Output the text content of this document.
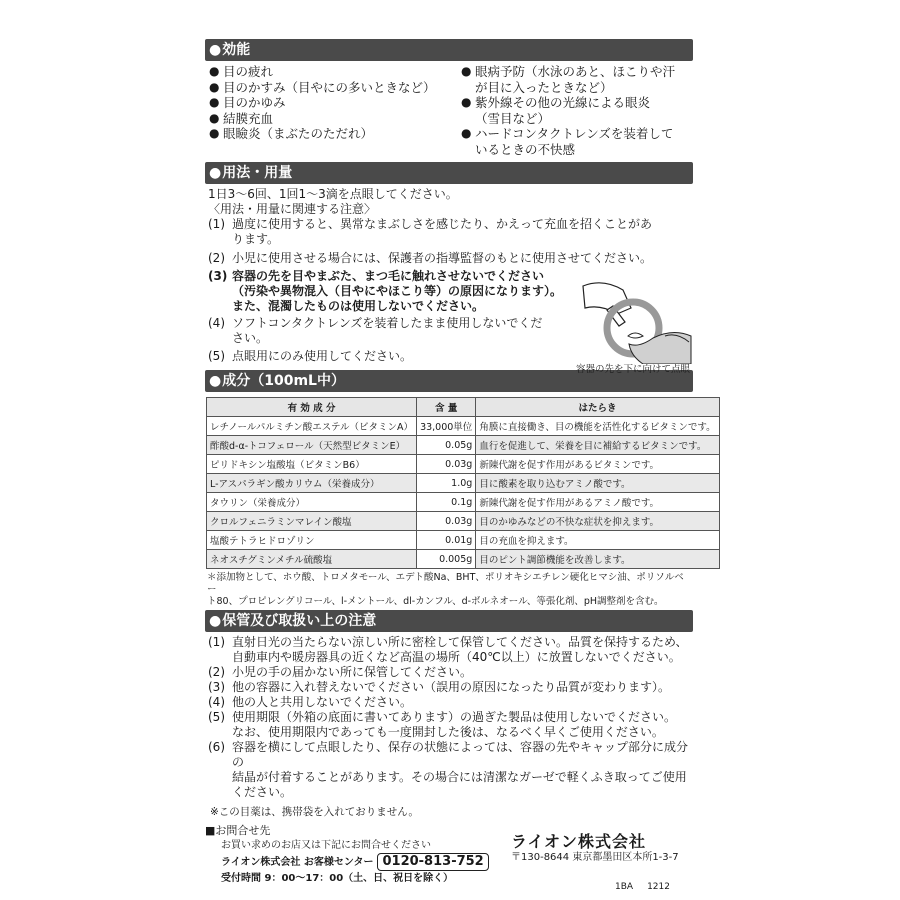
● 効能
● 目の疲れ
● 目のかすみ（目やにの多いときなど）
● 目のかゆみ
● 結膜充血
● 眼瞼炎（まぶたのただれ）
● 眼病予防（水泳のあと、ほこりや汗
が目に入ったときなど）
● 紫外線その他の光線による眼炎
（雪目など）
● ハードコンタクトレンズを装着して
いるときの不快感
● 用法・用量
1日3～6回、1回1～3滴を点眼してください。
〈用法・用量に関連する注意〉
(1) 過度に使用すると、異常なまぶしさを感じたり、かえって充血を招くことがあ
ります。
(2) 小児に使用させる場合には、保護者の指導監督のもとに使用させてください。
(3) 容器の先を目やまぶた、まつ毛に触れさせないでください
（汚染や異物混入（目やにやほこり等）の原因になります）。
また、混濁したものは使用しないでください。
(4) ソフトコンタクトレンズを装着したまま使用しないでくだ
さい。
(5) 点眼用にのみ使用してください。
容器の先を下に向けて点眼
● 成分（100mL中）
有 効 成 分	含 量	はたらき
レチノールパルミチン酸エステル（ビタミンA）	33,000単位	角膜に直接働き、目の機能を活性化するビタミンです。
酢酸d-α-トコフェロール（天然型ビタミンE）	0.05g	血行を促進して、栄養を目に補給するビタミンです。
ピリドキシン塩酸塩（ビタミンB6）	0.03g	新陳代謝を促す作用があるビタミンです。
L-アスパラギン酸カリウム（栄養成分）	1.0g	目に酸素を取り込むアミノ酸です。
タウリン（栄養成分）	0.1g	新陳代謝を促す作用があるアミノ酸です。
クロルフェニラミンマレイン酸塩	0.03g	目のかゆみなどの不快な症状を抑えます。
塩酸テトラヒドロゾリン	0.01g	目の充血を抑えます。
ネオスチグミンメチル硫酸塩	0.005g	目のピント調節機能を改善します。
＊添加物として、ホウ酸、トロメタモール、エデト酸Na、BHT、ポリオキシエチレン硬化ヒマシ油、ポリソルベー
ト80、プロピレングリコール、l-メントール、dl-カンフル、d-ボルネオール、等張化剤、pH調整剤を含む。
● 保管及び取扱い上の注意
(1) 直射日光の当たらない涼しい所に密栓して保管してください。品質を保持するため、
自動車内や暖房器具の近くなど高温の場所（40℃以上）に放置しないでください。
(2) 小児の手の届かない所に保管してください。
(3) 他の容器に入れ替えないでください（誤用の原因になったり品質が変わります）。
(4) 他の人と共用しないでください。
(5) 使用期限（外箱の底面に書いてあります）の過ぎた製品は使用しないでください。
なお、使用期限内であっても一度開封した後は、なるべく早くご使用ください。
(6) 容器を横にして点眼したり、保存の状態によっては、容器の先やキャップ部分に成分の
結晶が付着することがあります。その場合には清潔なガーゼで軽くふき取ってご使用
ください。
※この目薬は、携帯袋を入れておりません。
■お問合せ先
お買い求めのお店又は下記にお問合せください
ライオン株式会社 お客様センター 0120-813-752
受付時間 9：00～17：00（土、日、祝日を除く）
ライオン株式会社
〒130-8644 東京都墨田区本所1-3-7
1BA 1212
